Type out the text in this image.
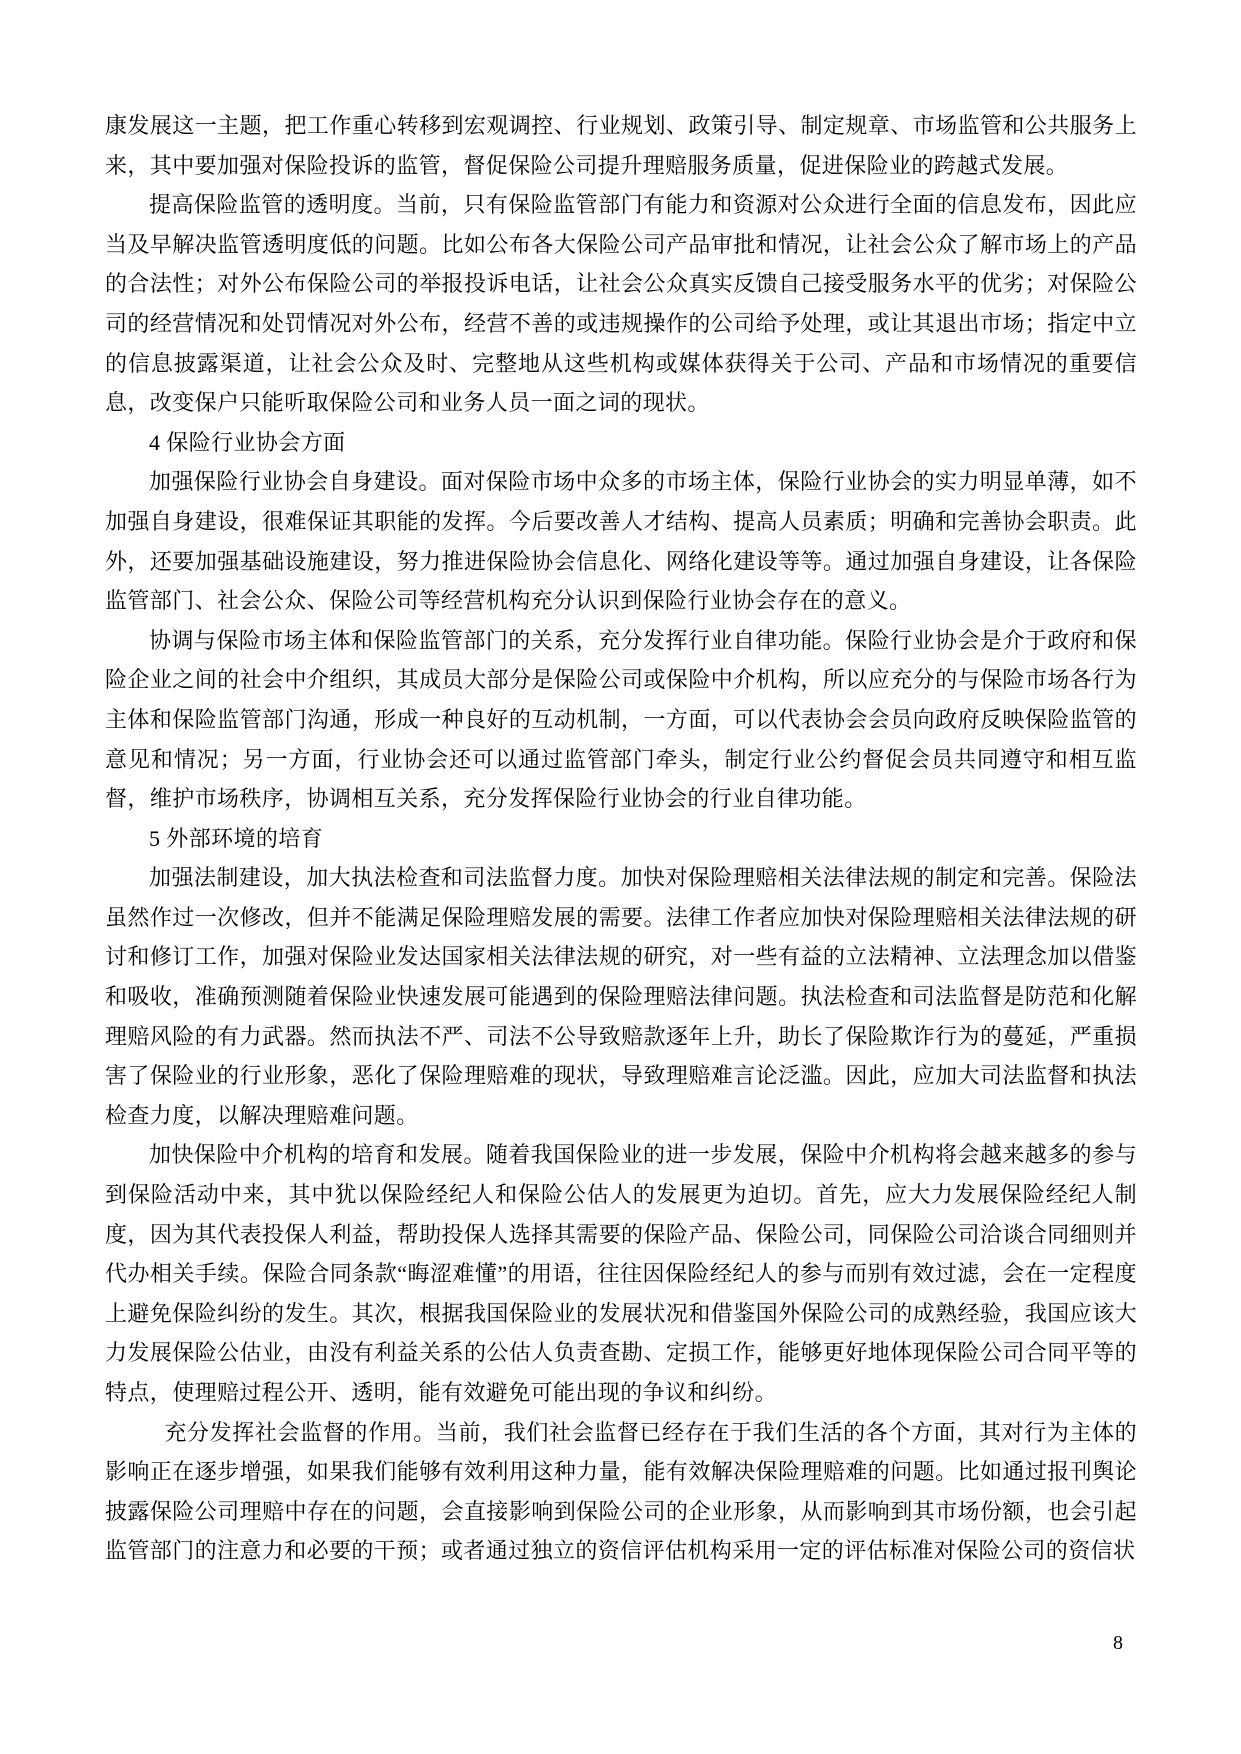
康发展这一主题，把工作重心转移到宏观调控、行业规划、政策引导、制定规章、市场监管和公共服务上来，其中要加强对保险投诉的监管，督促保险公司提升理赔服务质量，促进保险业的跨越式发展。

提高保险监管的透明度。当前，只有保险监管部门有能力和资源对公众进行全面的信息发布，因此应当及早解决监管透明度低的问题。比如公布各大保险公司产品审批和情况，让社会公众了解市场上的产品的合法性；对外公布保险公司的举报投诉电话，让社会公众真实反馈自己接受服务水平的优劣；对保险公司的经营情况和处罚情况对外公布，经营不善的或违规操作的公司给予处理，或让其退出市场；指定中立的信息披露渠道，让社会公众及时、完整地从这些机构或媒体获得关于公司、产品和市场情况的重要信息，改变保户只能听取保险公司和业务人员一面之词的现状。

4 保险行业协会方面

加强保险行业协会自身建设。面对保险市场中众多的市场主体，保险行业协会的实力明显单薄，如不加强自身建设，很难保证其职能的发挥。今后要改善人才结构、提高人员素质；明确和完善协会职责。此外，还要加强基础设施建设，努力推进保险协会信息化、网络化建设等等。通过加强自身建设，让各保险监管部门、社会公众、保险公司等经营机构充分认识到保险行业协会存在的意义。

协调与保险市场主体和保险监管部门的关系，充分发挥行业自律功能。保险行业协会是介于政府和保险企业之间的社会中介组织，其成员大部分是保险公司或保险中介机构，所以应充分的与保险市场各行为主体和保险监管部门沟通，形成一种良好的互动机制，一方面，可以代表协会会员向政府反映保险监管的意见和情况；另一方面，行业协会还可以通过监管部门牵头，制定行业公约督促会员共同遵守和相互监督，维护市场秩序，协调相互关系，充分发挥保险行业协会的行业自律功能。

5 外部环境的培育

加强法制建设，加大执法检查和司法监督力度。加快对保险理赔相关法律法规的制定和完善。保险法虽然作过一次修改，但并不能满足保险理赔发展的需要。法律工作者应加快对保险理赔相关法律法规的研讨和修订工作，加强对保险业发达国家相关法律法规的研究，对一些有益的立法精神、立法理念加以借鉴和吸收，准确预测随着保险业快速发展可能遇到的保险理赔法律问题。执法检查和司法监督是防范和化解理赔风险的有力武器。然而执法不严、司法不公导致赔款逐年上升，助长了保险欺诈行为的蔓延，严重损害了保险业的行业形象，恶化了保险理赔难的现状，导致理赔难言论泛滥。因此，应加大司法监督和执法检查力度，以解决理赔难问题。

加快保险中介机构的培育和发展。随着我国保险业的进一步发展，保险中介机构将会越来越多的参与到保险活动中来，其中犹以保险经纪人和保险公估人的发展更为迫切。首先，应大力发展保险经纪人制度，因为其代表投保人利益，帮助投保人选择其需要的保险产品、保险公司，同保险公司洽谈合同细则并代办相关手续。保险合同条款“晦涩难懂”的用语，往往因保险经纪人的参与而别有效过滤，会在一定程度上避免保险纠纷的发生。其次，根据我国保险业的发展状况和借鉴国外保险公司的成熟经验，我国应该大力发展保险公估业，由没有利益关系的公估人负责查勘、定损工作，能够更好地体现保险公司合同平等的特点，使理赔过程公开、透明，能有效避免可能出现的争议和纠纷。

充分发挥社会监督的作用。当前，我们社会监督已经存在于我们生活的各个方面，其对行为主体的影响正在逐步增强，如果我们能够有效利用这种力量，能有效解决保险理赔难的问题。比如通过报刊舆论披露保险公司理赔中存在的问题，会直接影响到保险公司的企业形象，从而影响到其市场份额，也会引起监管部门的注意力和必要的干预；或者通过独立的资信评估机构采用一定的评估标准对保险公司的资信状

8
